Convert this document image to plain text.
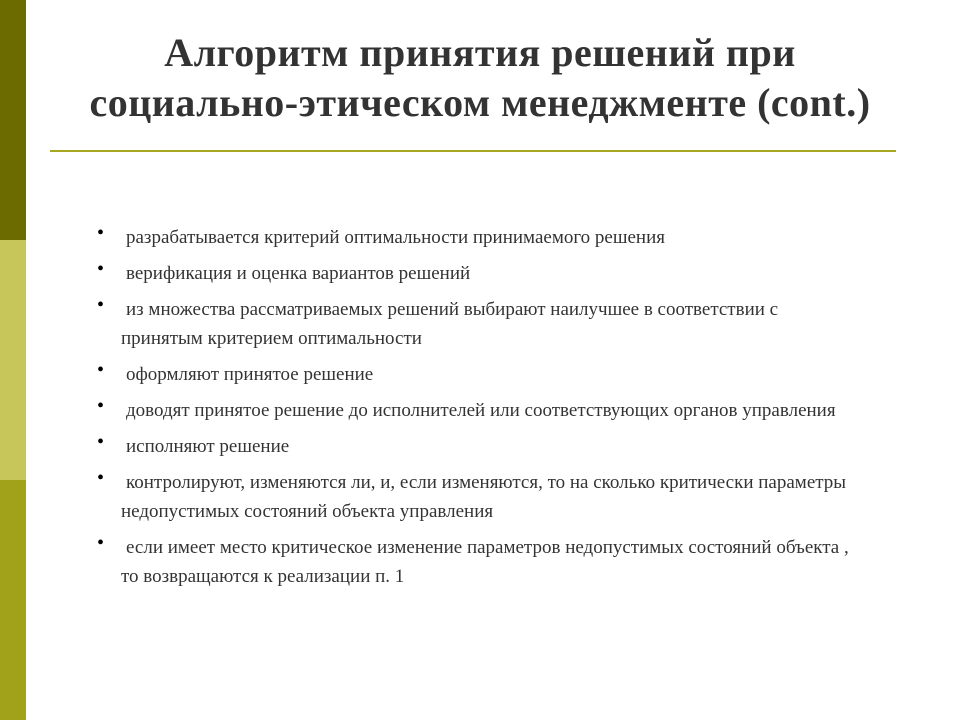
Алгоритм принятия решений при
социально-этическом менеджменте (cont.)
• разрабатывается критерий оптимальности принимаемого решения
• верификация и оценка вариантов решений
• из множества рассматриваемых решений выбирают наилучшее в соответствии с принятым критерием оптимальности
• оформляют принятое решение
• доводят принятое решение до исполнителей или соответствующих органов управления
• исполняют решение
• контролируют, изменяются ли, и, если изменяются, то на сколько критически параметры недопустимых состояний объекта управления
• если имеет место критическое изменение параметров недопустимых состояний объекта , то возвращаются к реализации п. 1
